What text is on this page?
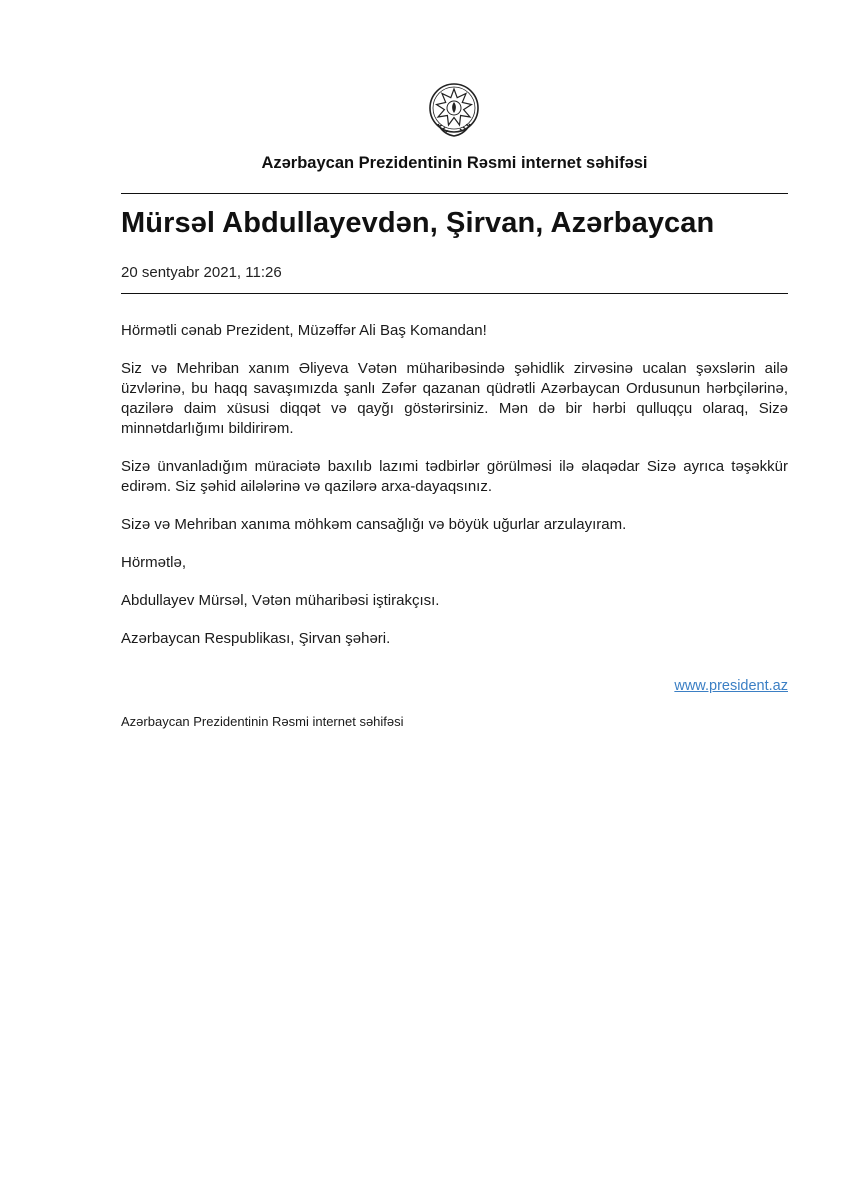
Azərbaycan Prezidentinin Rəsmi internet səhifəsi
Mürsəl Abdullayevdən, Şirvan, Azərbaycan
20 sentyabr 2021, 11:26

Hörmətli cənab Prezident, Müzəffər Ali Baş Komandan!

Siz və Mehriban xanım Əliyeva Vətən müharibəsində şəhidlik zirvəsinə ucalan şəxslərin ailə üzvlərinə, bu haqq savaşımızda şanlı Zəfər qazanan qüdrətli Azərbaycan Ordusunun hərbçilərinə, qazilərə daim xüsusi diqqət və qayğı göstərirsiniz. Mən də bir hərbi qulluqçu olaraq, Sizə minnətdarlığımı bildirirəm.

Sizə ünvanladığım müraciətə baxılıb lazımi tədbirlər görülməsi ilə əlaqədar Sizə ayrıca təşəkkür edirəm. Siz şəhid ailələrinə və qazilərə arxa-dayaqsınız.

Sizə və Mehriban xanıma möhkəm cansağlığı və böyük uğurlar arzulayıram.

Hörmətlə,

Abdullayev Mürsəl, Vətən müharibəsi iştirakçısı.

Azərbaycan Respublikası, Şirvan şəhəri.

www.president.az
Azərbaycan Prezidentinin Rəsmi internet səhifəsi
